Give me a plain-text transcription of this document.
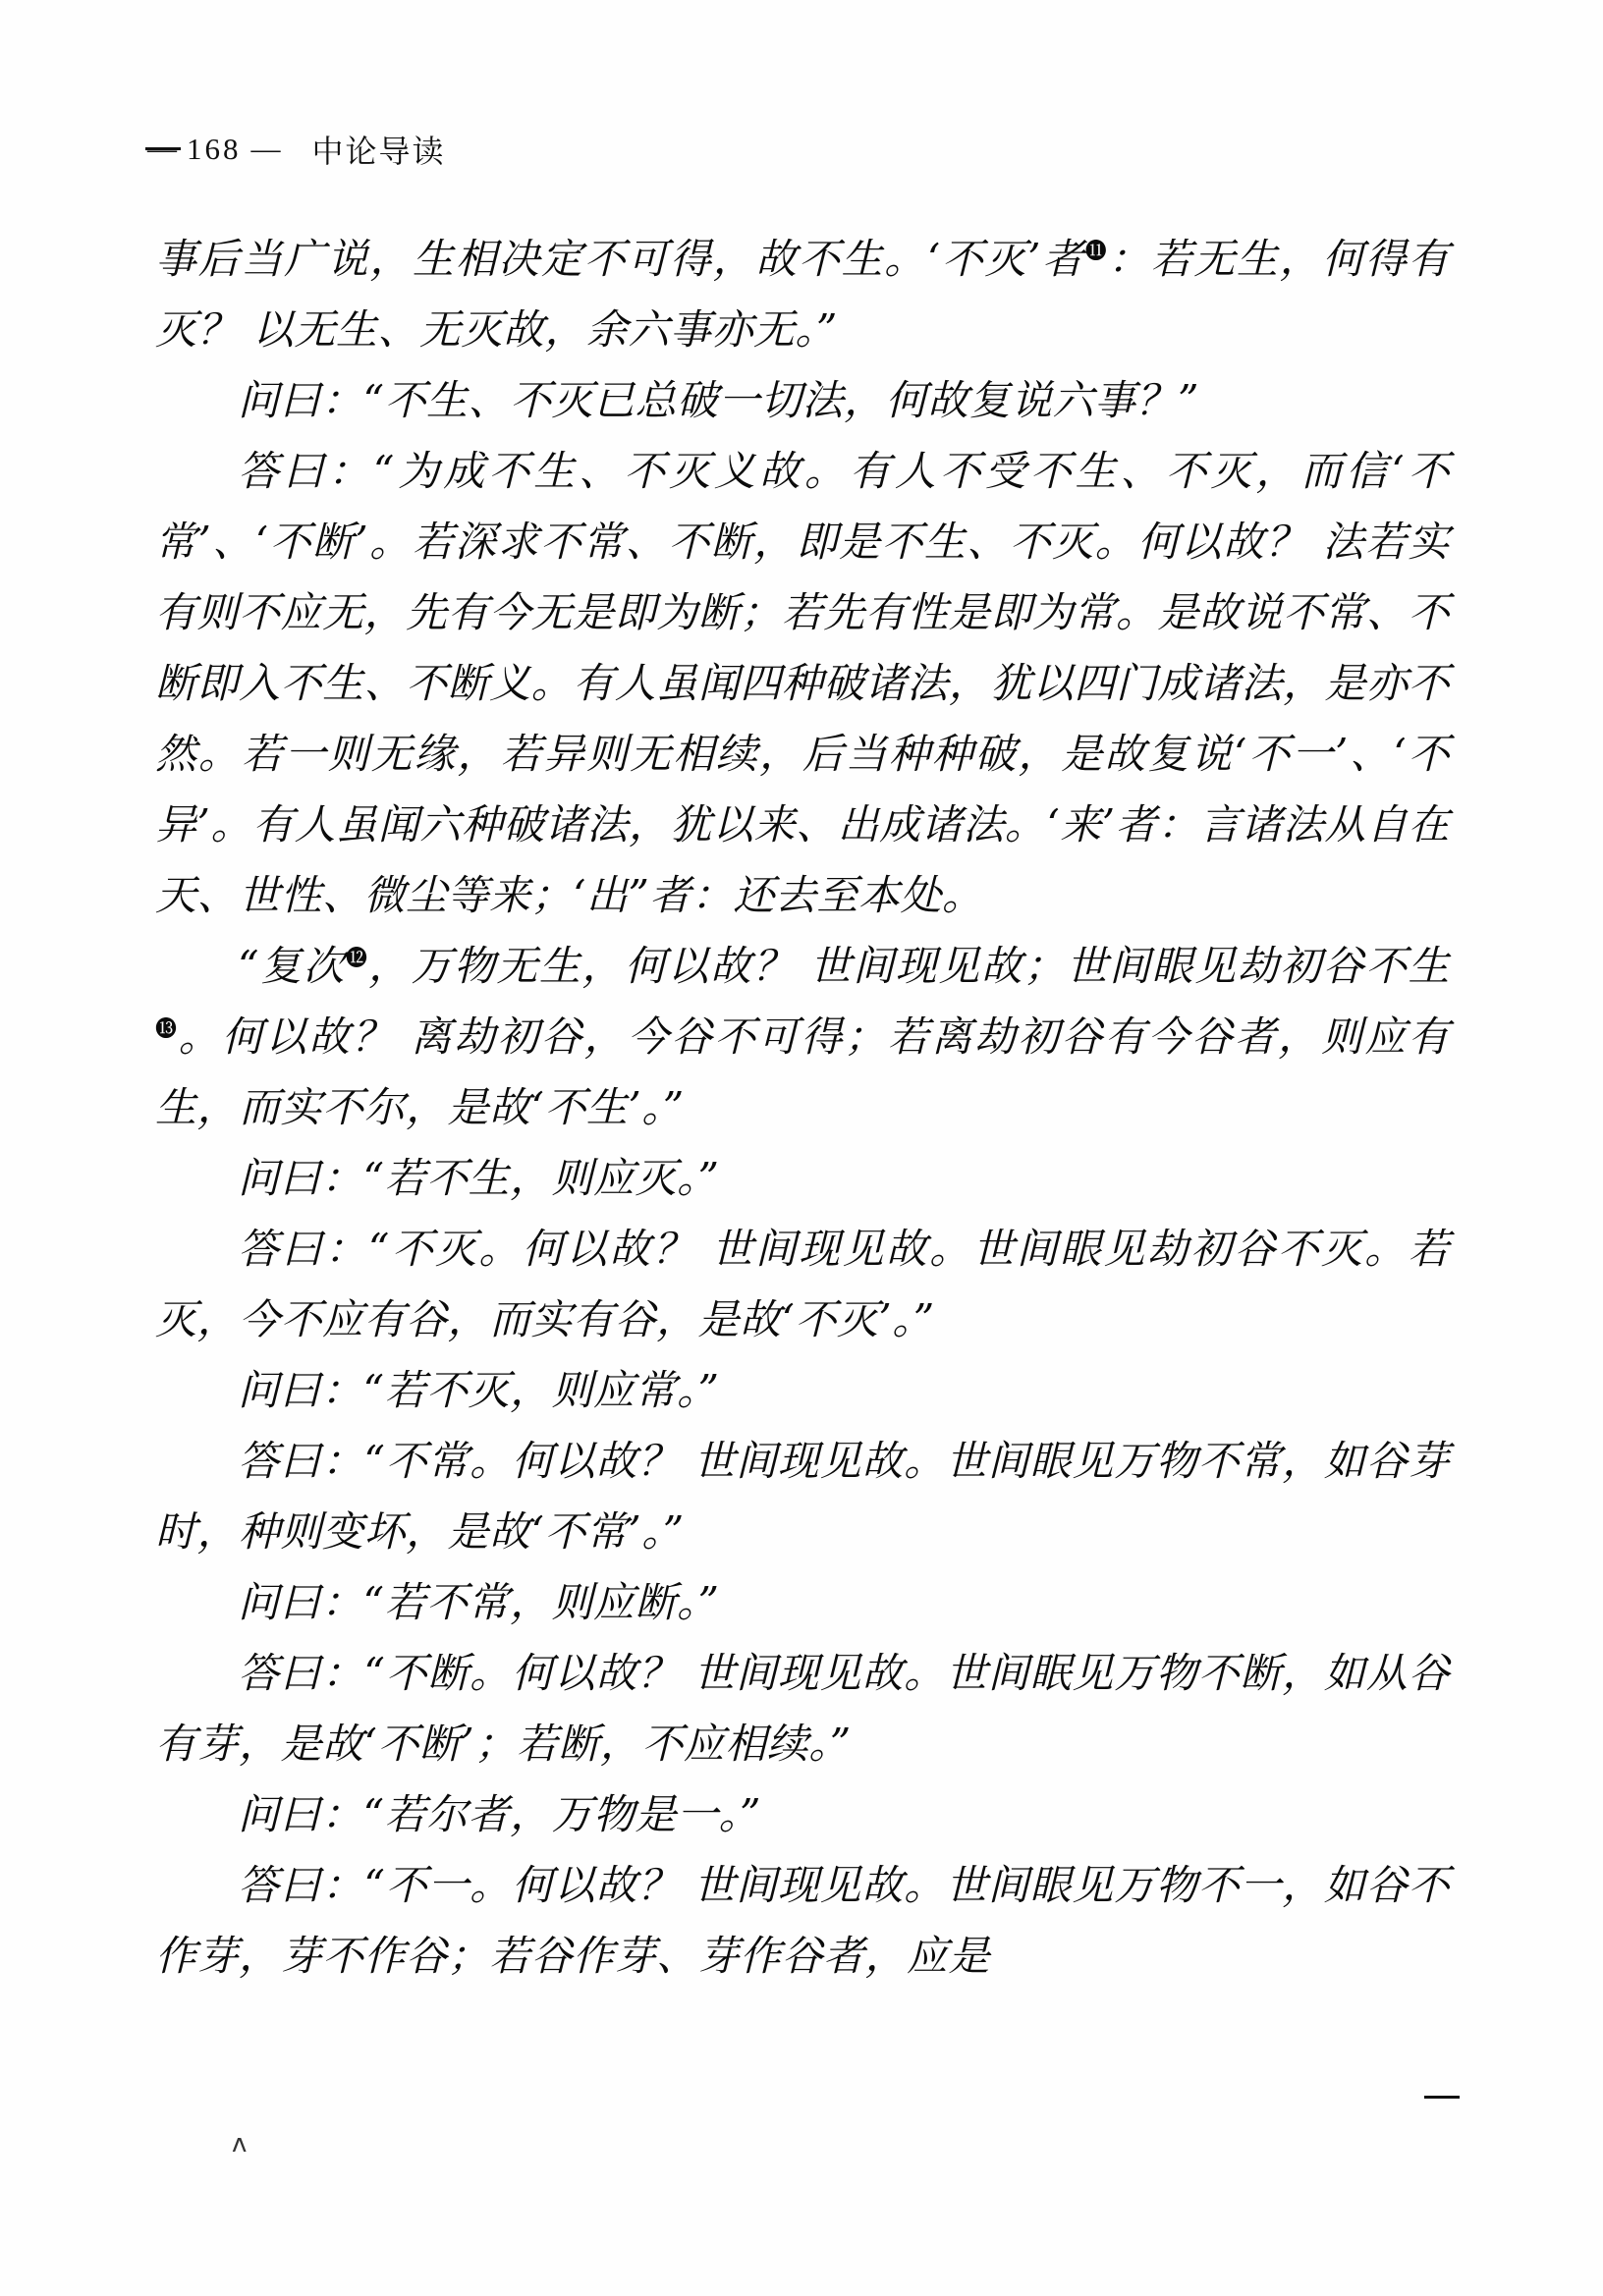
— 168 — 中论导读

事后当广说，生相决定不可得，故不生。‘不灭’者⓫：若无生，何得有灭？ 以无生、无灭故，余六事亦无。”

问曰：“不生、不灭已总破一切法，何故复说六事？”

答曰：“为成不生、不灭义故。有人不受不生、不灭，而信‘不常’、‘不断’。若深求不常、不断，即是不生、不灭。何以故？ 法若实有则不应无，先有今无是即为断；若先有性是即为常。是故说不常、不断即入不生、不断义。有人虽闻四种破诸法，犹以四门成诸法，是亦不然。若一则无缘，若异则无相续，后当种种破，是故复说‘不一’、‘不异’。有人虽闻六种破诸法，犹以来、出成诸法。‘来’者：言诸法从自在天、世性、微尘等来；‘出”者：还去至本处。

“复次⓬，万物无生，何以故？ 世间现见故；世间眼见劫初谷不生⓭。何以故？ 离劫初谷，今谷不可得；若离劫初谷有今谷者，则应有生，而实不尔，是故‘不生’。”

问曰：“若不生，则应灭。”

答曰：“不灭。何以故？ 世间现见故。世间眼见劫初谷不灭。若灭，今不应有谷，而实有谷，是故‘不灭’。”

问曰：“若不灭，则应常。”

答曰：“不常。何以故？ 世间现见故。世间眼见万物不常，如谷芽时，种则变坏，是故‘不常’。”

问曰：“若不常，则应断。”

答曰：“不断。何以故？ 世间现见故。世间眠见万物不断，如从谷有芽，是故‘不断’；若断，不应相续。”

问曰：“若尔者，万物是一。”

答曰：“不一。何以故？ 世间现见故。世间眼见万物不一，如谷不作芽，芽不作谷；若谷作芽、芽作谷者，应是

ʌ
